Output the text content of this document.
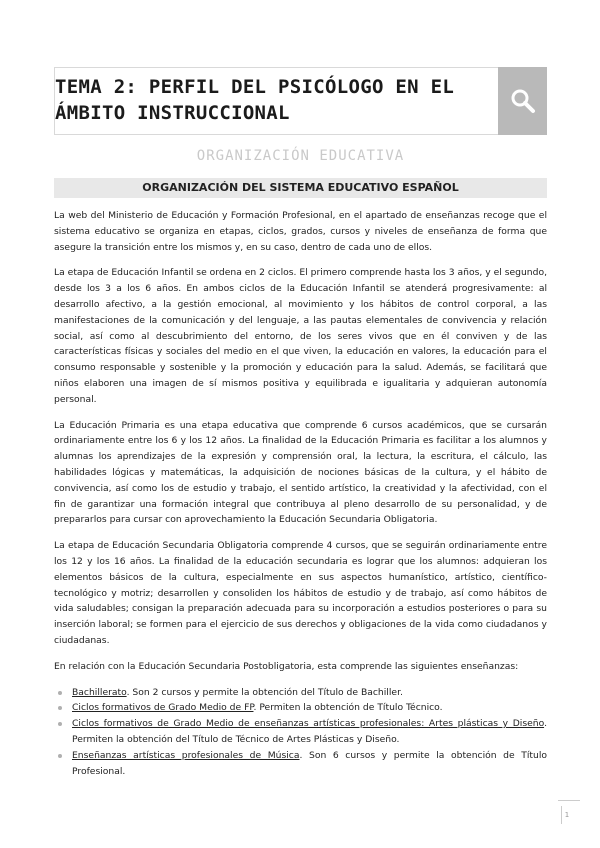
TEMA 2: PERFIL DEL PSICÓLOGO EN EL ÁMBITO INSTRUCCIONAL
ORGANIZACIÓN EDUCATIVA
ORGANIZACIÓN DEL SISTEMA EDUCATIVO ESPAÑOL

La web del Ministerio de Educación y Formación Profesional, en el apartado de enseñanzas recoge que el sistema educativo se organiza en etapas, ciclos, grados, cursos y niveles de enseñanza de forma que asegure la transición entre los mismos y, en su caso, dentro de cada uno de ellos.

La etapa de Educación Infantil se ordena en 2 ciclos. El primero comprende hasta los 3 años, y el segundo, desde los 3 a los 6 años. En ambos ciclos de la Educación Infantil se atenderá progresivamente: al desarrollo afectivo, a la gestión emocional, al movimiento y los hábitos de control corporal, a las manifestaciones de la comunicación y del lenguaje, a las pautas elementales de convivencia y relación social, así como al descubrimiento del entorno, de los seres vivos que en él conviven y de las características físicas y sociales del medio en el que viven, la educación en valores, la educación para el consumo responsable y sostenible y la promoción y educación para la salud. Además, se facilitará que niños elaboren una imagen de sí mismos positiva y equilibrada e igualitaria y adquieran autonomía personal.

La Educación Primaria es una etapa educativa que comprende 6 cursos académicos, que se cursarán ordinariamente entre los 6 y los 12 años. La finalidad de la Educación Primaria es facilitar a los alumnos y alumnas los aprendizajes de la expresión y comprensión oral, la lectura, la escritura, el cálculo, las habilidades lógicas y matemáticas, la adquisición de nociones básicas de la cultura, y el hábito de convivencia, así como los de estudio y trabajo, el sentido artístico, la creatividad y la afectividad, con el fin de garantizar una formación integral que contribuya al pleno desarrollo de su personalidad, y de prepararlos para cursar con aprovechamiento la Educación Secundaria Obligatoria.

La etapa de Educación Secundaria Obligatoria comprende 4 cursos, que se seguirán ordinariamente entre los 12 y los 16 años. La finalidad de la educación secundaria es lograr que los alumnos: adquieran los elementos básicos de la cultura, especialmente en sus aspectos humanístico, artístico, científico-tecnológico y motriz; desarrollen y consoliden los hábitos de estudio y de trabajo, así como hábitos de vida saludables; consigan la preparación adecuada para su incorporación a estudios posteriores o para su inserción laboral; se formen para el ejercicio de sus derechos y obligaciones de la vida como ciudadanos y ciudadanas.

En relación con la Educación Secundaria Postobligatoria, esta comprende las siguientes enseñanzas:

Bachillerato. Son 2 cursos y permite la obtención del Título de Bachiller.
Ciclos formativos de Grado Medio de FP. Permiten la obtención de Título Técnico.
Ciclos formativos de Grado Medio de enseñanzas artísticas profesionales: Artes plásticas y Diseño. Permiten la obtención del Título de Técnico de Artes Plásticas y Diseño.
Enseñanzas artísticas profesionales de Música. Son 6 cursos y permite la obtención de Título Profesional.
1
